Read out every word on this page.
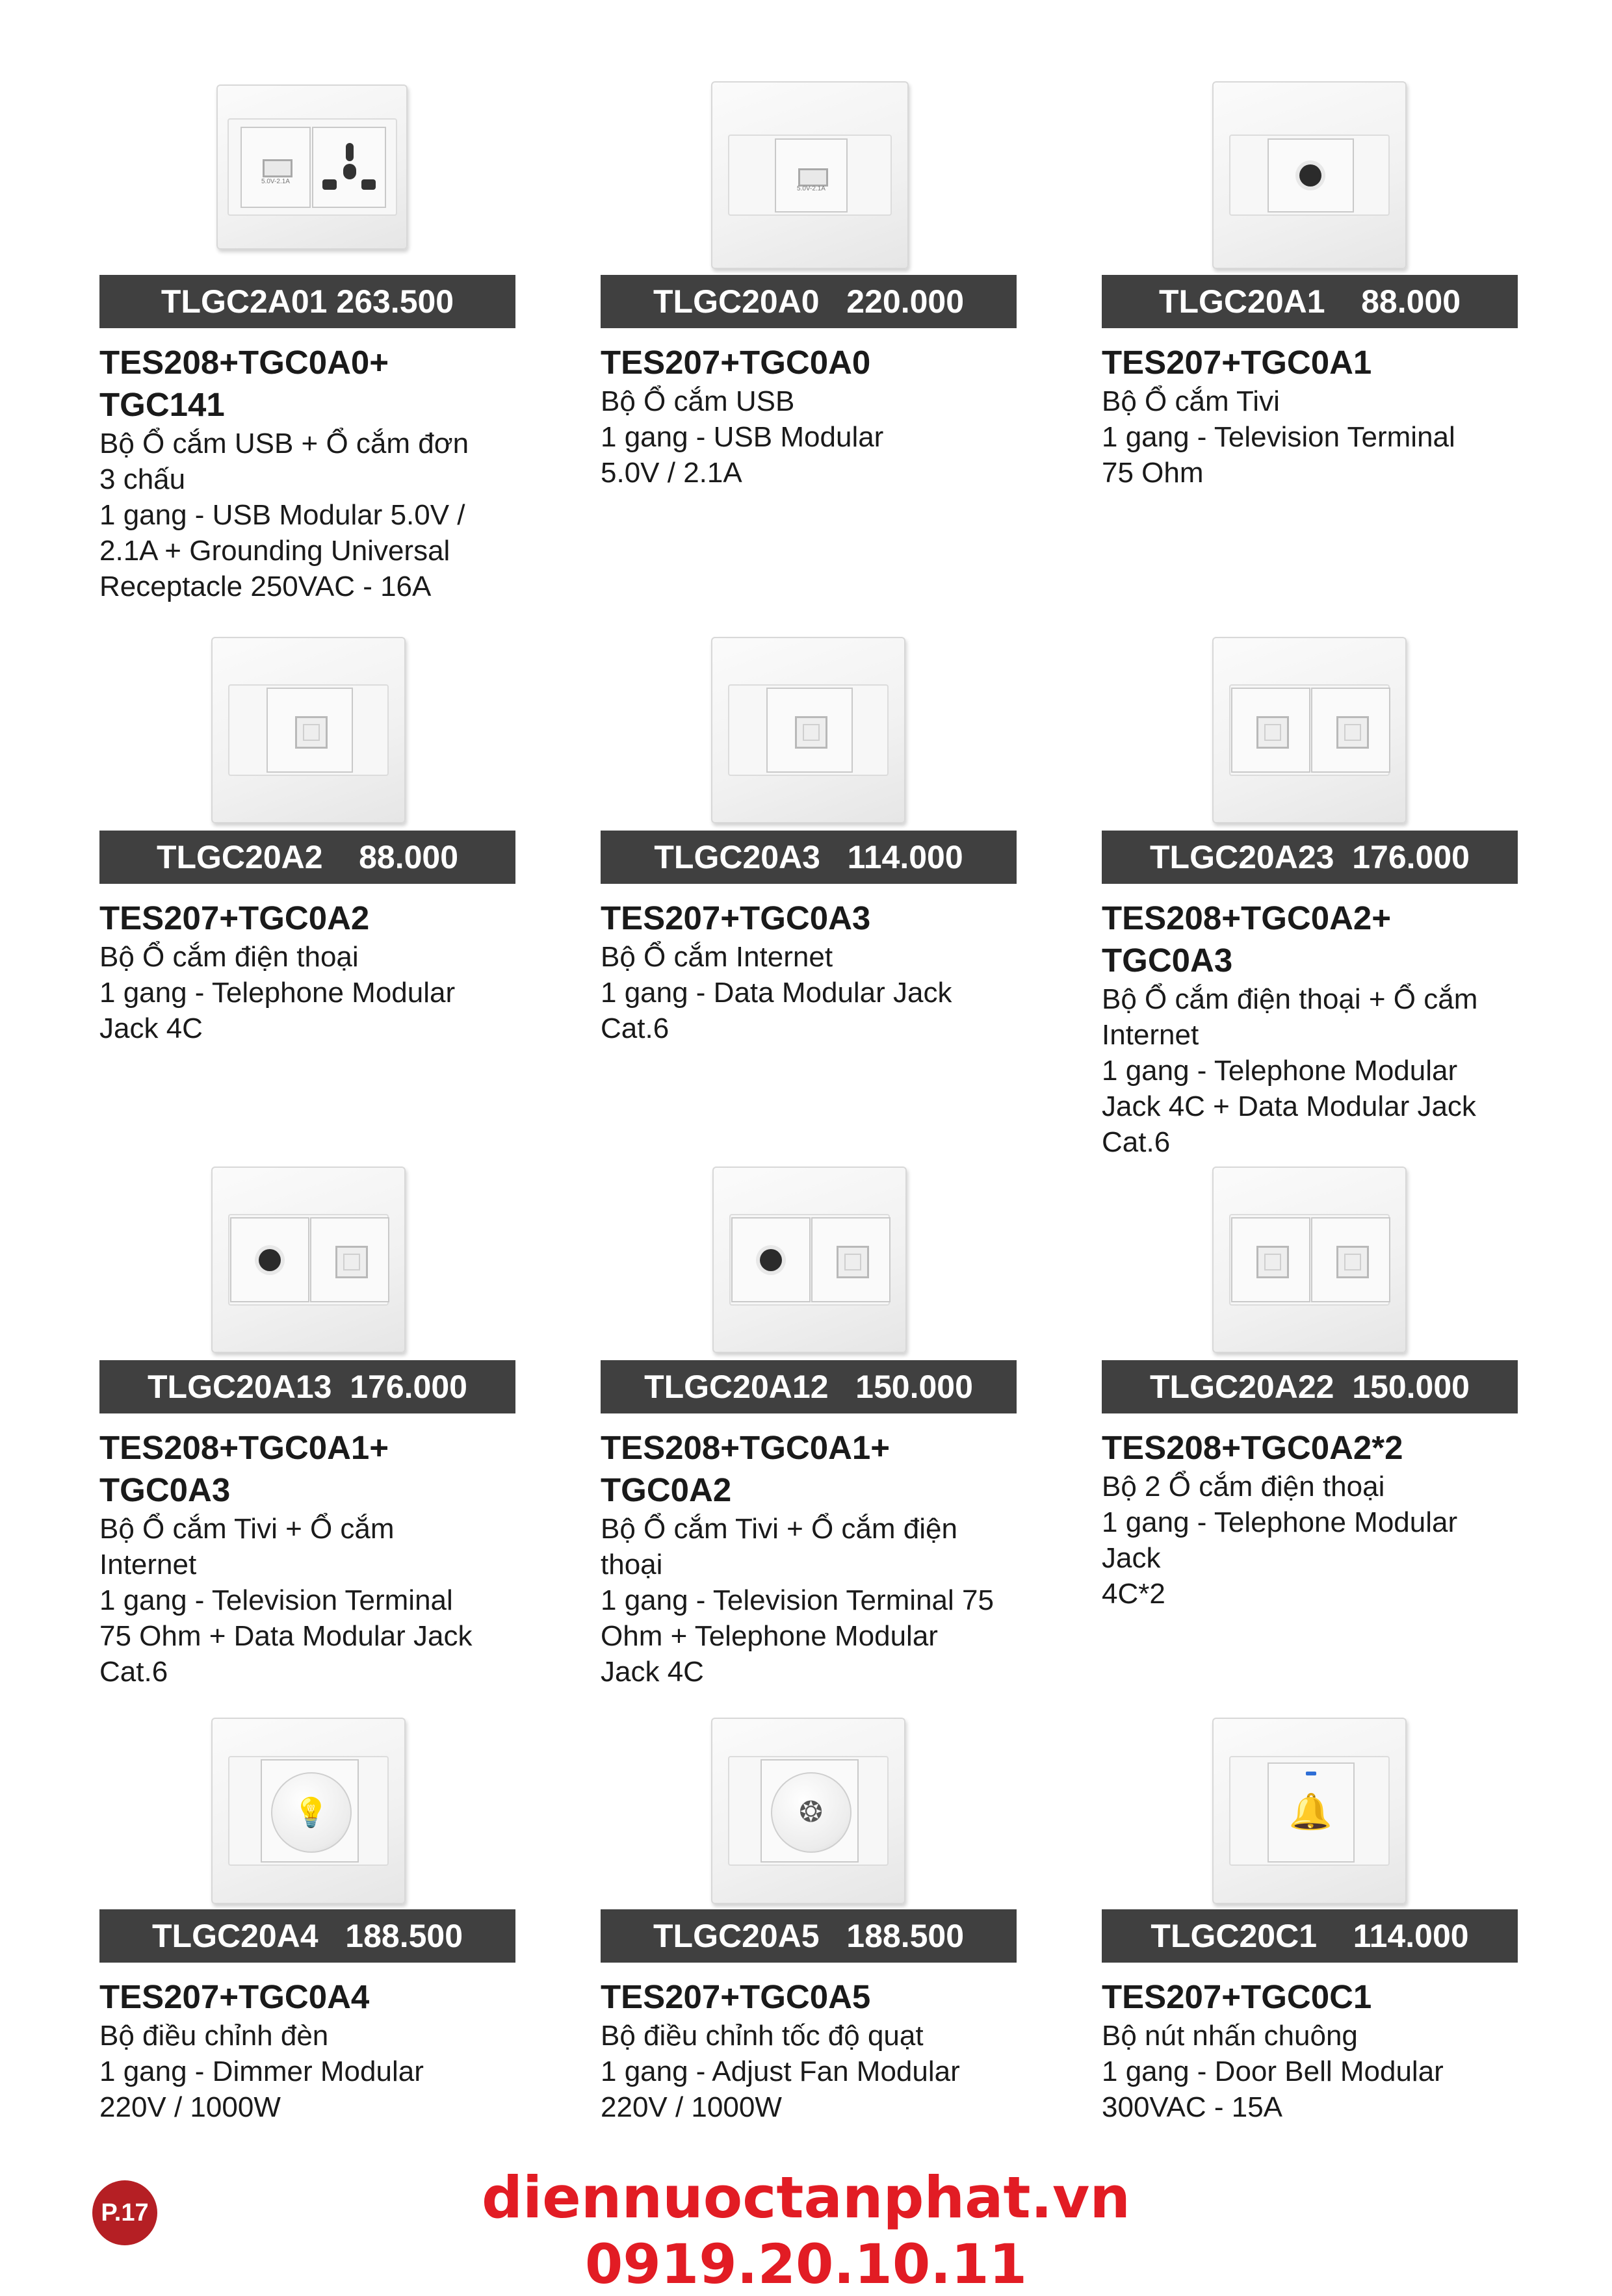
5.0V-2.1A
TLGC2A01 263.500
TES208+TGC0A0+
TGC141
Bộ Ổ cắm USB + Ổ cắm đơn
3 chấu
1 gang - USB Modular 5.0V /
2.1A + Grounding Universal
Receptacle 250VAC - 16A
5.0V-2.1A
TLGC20A0   220.000
TES207+TGC0A0
Bộ Ổ cắm USB
1 gang - USB Modular
5.0V / 2.1A
TLGC20A1    88.000
TES207+TGC0A1
Bộ Ổ cắm Tivi
1 gang - Television Terminal
75 Ohm
TLGC20A2    88.000
TES207+TGC0A2
Bộ Ổ cắm điện thoại
1 gang - Telephone Modular
Jack 4C
TLGC20A3   114.000
TES207+TGC0A3
Bộ Ổ cắm Internet
1 gang - Data Modular Jack
Cat.6
TLGC20A23  176.000
TES208+TGC0A2+
TGC0A3
Bộ Ổ cắm điện thoại + Ổ cắm
Internet
1 gang - Telephone Modular
Jack 4C + Data Modular Jack
Cat.6
TLGC20A13  176.000
TES208+TGC0A1+
TGC0A3
Bộ Ổ cắm Tivi + Ổ cắm
Internet
1 gang - Television Terminal
75 Ohm + Data Modular Jack
Cat.6
TLGC20A12   150.000
TES208+TGC0A1+
TGC0A2
Bộ Ổ cắm Tivi + Ổ cắm điện
thoại
1 gang - Television Terminal 75
Ohm + Telephone Modular
Jack 4C
TLGC20A22  150.000
TES208+TGC0A2*2
Bộ 2 Ổ cắm điện thoại
1 gang - Telephone Modular
Jack
4C*2
💡
TLGC20A4   188.500
TES207+TGC0A4
Bộ điều chỉnh đèn
1 gang - Dimmer Modular
220V / 1000W
❂
TLGC20A5   188.500
TES207+TGC0A5
Bộ điều chỉnh tốc độ quạt
1 gang - Adjust Fan Modular
220V / 1000W
🔔
TLGC20C1    114.000
TES207+TGC0C1
Bộ nút nhấn chuông
1 gang - Door Bell Modular
300VAC - 15A
P.17	diennuoctanphat.vn
0919.20.10.11
